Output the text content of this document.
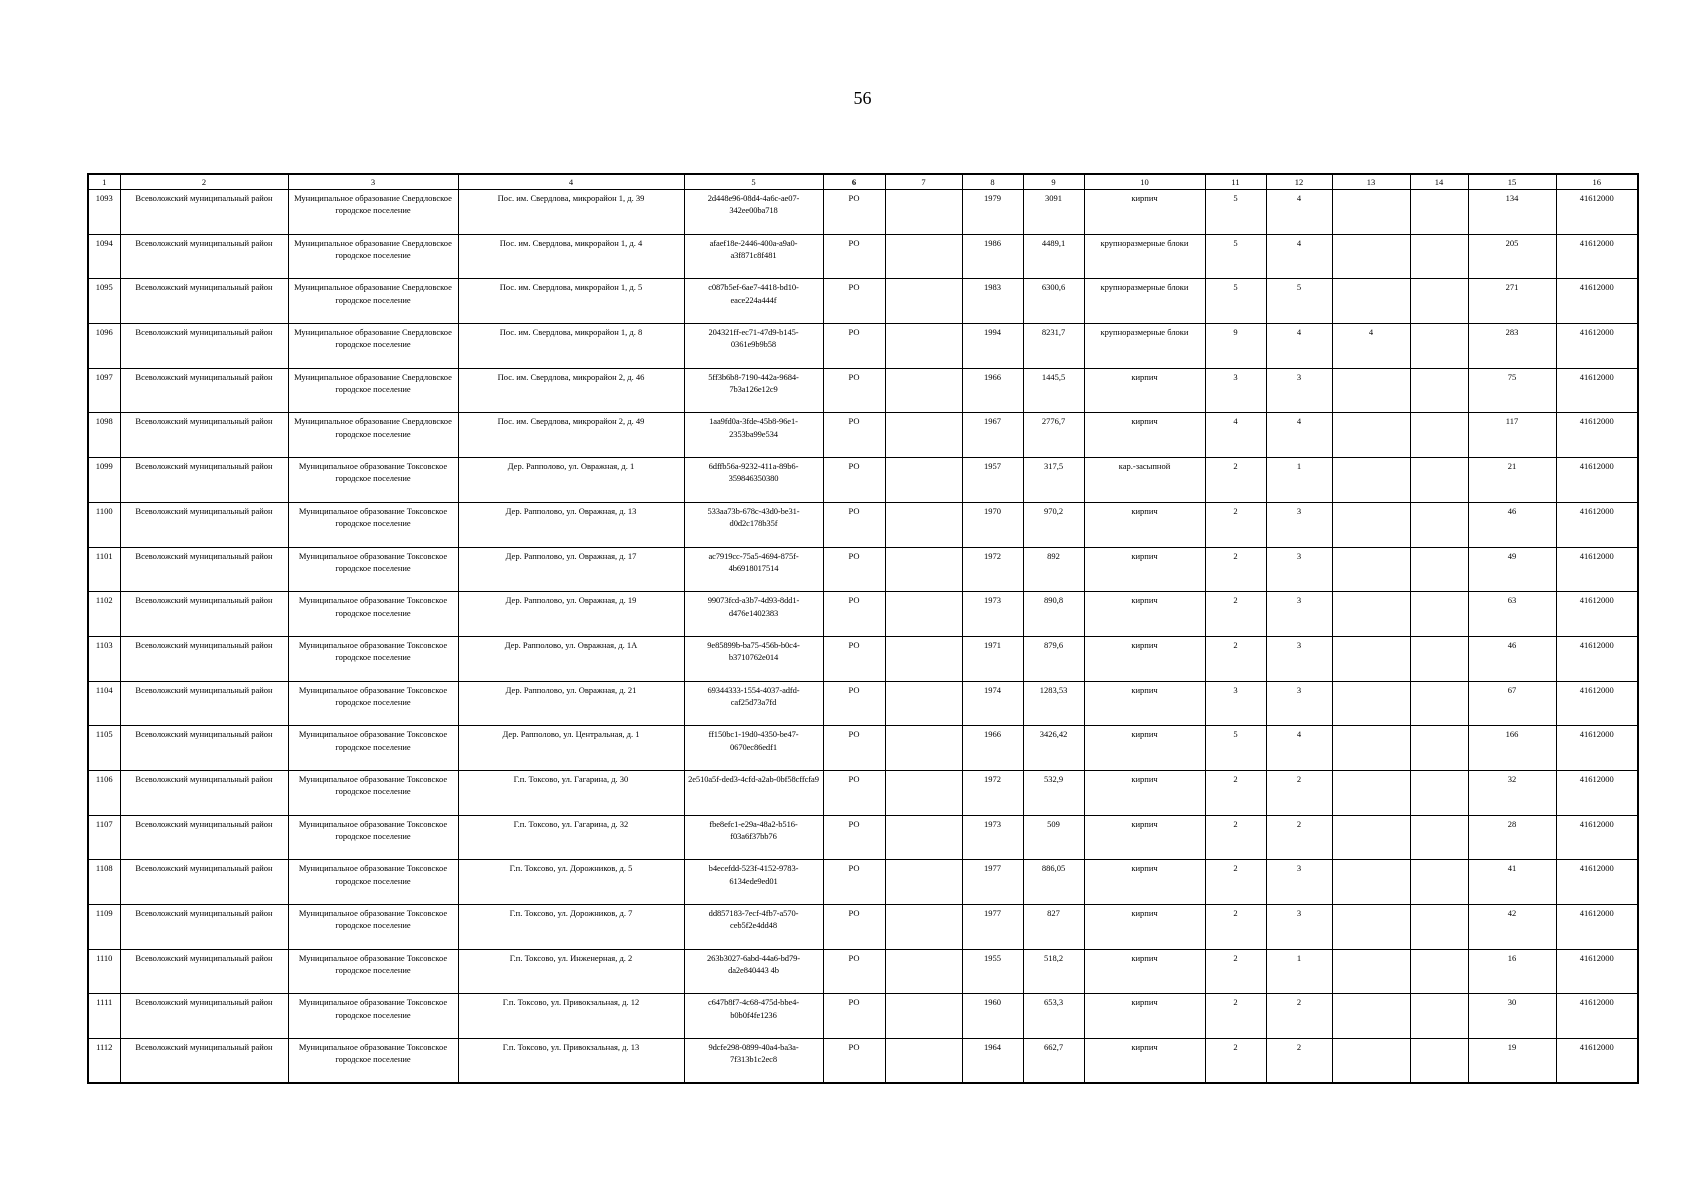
56
1	2	3	4	5	6	7	8	9	10	11	12	13	14	15	16
1093	Всеволожский муниципальный район	Муниципальное образование Свердловское городское поселение	Пос. им. Свердлова, микрорайон 1, д. 39	2d448e96-08d4-4a6c-ae07-342ee00ba718	РО		1979	3091	кирпич	5	4			134	41612000
1094	Всеволожский муниципальный район	Муниципальное образование Свердловское городское поселение	Пос. им. Свердлова, микрорайон 1, д. 4	afaef18e-2446-400a-a9a0-a3f871c8f481	РО		1986	4489,1	крупноразмерные блоки	5	4			205	41612000
1095	Всеволожский муниципальный район	Муниципальное образование Свердловское городское поселение	Пос. им. Свердлова, микрорайон 1, д. 5	c087b5ef-6ae7-4418-bd10-eace224a444f	РО		1983	6300,6	крупноразмерные блоки	5	5			271	41612000
1096	Всеволожский муниципальный район	Муниципальное образование Свердловское городское поселение	Пос. им. Свердлова, микрорайон 1, д. 8	204321ff-ec71-47d9-b145-0361e9b9b58	РО		1994	8231,7	крупноразмерные блоки	9	4	4		283	41612000
1097	Всеволожский муниципальный район	Муниципальное образование Свердловское городское поселение	Пос. им. Свердлова, микрорайон 2, д. 46	5ff3b6b8-7190-442a-9684-7b3a126e12c9	РО		1966	1445,5	кирпич	3	3			75	41612000
1098	Всеволожский муниципальный район	Муниципальное образование Свердловское городское поселение	Пос. им. Свердлова, микрорайон 2, д. 49	1aa9fd0a-3fde-45b8-96e1-2353ba99e534	РО		1967	2776,7	кирпич	4	4			117	41612000
1099	Всеволожский муниципальный район	Муниципальное образование Токсовское городское поселение	Дер. Рапполово, ул. Овражная, д. 1	6dffb56a-9232-411a-89b6-359846350380	РО		1957	317,5	кар.-засыпной	2	1			21	41612000
1100	Всеволожский муниципальный район	Муниципальное образование Токсовское городское поселение	Дер. Рапполово, ул. Овражная, д. 13	533aa73b-678c-43d0-be31-d0d2c178b35f	РО		1970	970,2	кирпич	2	3			46	41612000
1101	Всеволожский муниципальный район	Муниципальное образование Токсовское городское поселение	Дер. Рапполово, ул. Овражная, д. 17	ac7919cc-75a5-4694-875f-4b6918017514	РО		1972	892	кирпич	2	3			49	41612000
1102	Всеволожский муниципальный район	Муниципальное образование Токсовское городское поселение	Дер. Рапполово, ул. Овражная, д. 19	99073fcd-a3b7-4d93-8dd1-d476e1402383	РО		1973	890,8	кирпич	2	3			63	41612000
1103	Всеволожский муниципальный район	Муниципальное образование Токсовское городское поселение	Дер. Рапполово, ул. Овражная, д. 1А	9e85899b-ba75-456b-b0c4-b3710762e014	РО		1971	879,6	кирпич	2	3			46	41612000
1104	Всеволожский муниципальный район	Муниципальное образование Токсовское городское поселение	Дер. Рапполово, ул. Овражная, д. 21	69344333-1554-4037-adfd-caf25d73a7fd	РО		1974	1283,53	кирпич	3	3			67	41612000
1105	Всеволожский муниципальный район	Муниципальное образование Токсовское городское поселение	Дер. Рапполово, ул. Центральная, д. 1	ff150bc1-19d0-4350-be47-0670ec86edf1	РО		1966	3426,42	кирпич	5	4			166	41612000
1106	Всеволожский муниципальный район	Муниципальное образование Токсовское городское поселение	Г.п. Токсово, ул. Гагарина, д. 30	2e510a5f-ded3-4cfd-a2ab-0bf58cffcfa9	РО		1972	532,9	кирпич	2	2			32	41612000
1107	Всеволожский муниципальный район	Муниципальное образование Токсовское городское поселение	Г.п. Токсово, ул. Гагарина, д. 32	fbe8efc1-e29a-48a2-b516-f03a6f37bb76	РО		1973	509	кирпич	2	2			28	41612000
1108	Всеволожский муниципальный район	Муниципальное образование Токсовское городское поселение	Г.п. Токсово, ул. Дорожников, д. 5	b4ecefdd-523f-4152-9783-6134ede9ed01	РО		1977	886,05	кирпич	2	3			41	41612000
1109	Всеволожский муниципальный район	Муниципальное образование Токсовское городское поселение	Г.п. Токсово, ул. Дорожников, д. 7	dd857183-7ecf-4fb7-a570-ceb5f2e4dd48	РО		1977	827	кирпич	2	3			42	41612000
1110	Всеволожский муниципальный район	Муниципальное образование Токсовское городское поселение	Г.п. Токсово, ул. Инженерная, д. 2	263b3027-6abd-44a6-bd79-da2e840443 4b	РО		1955	518,2	кирпич	2	1			16	41612000
1111	Всеволожский муниципальный район	Муниципальное образование Токсовское городское поселение	Г.п. Токсово, ул. Привокзальная, д. 12	c647b8f7-4c68-475d-bbe4-b0b0f4fe1236	РО		1960	653,3	кирпич	2	2			30	41612000
1112	Всеволожский муниципальный район	Муниципальное образование Токсовское городское поселение	Г.п. Токсово, ул. Привокзальная, д. 13	9dcfe298-0899-40a4-ba3a-7f313b1c2ec8	РО		1964	662,7	кирпич	2	2			19	41612000
